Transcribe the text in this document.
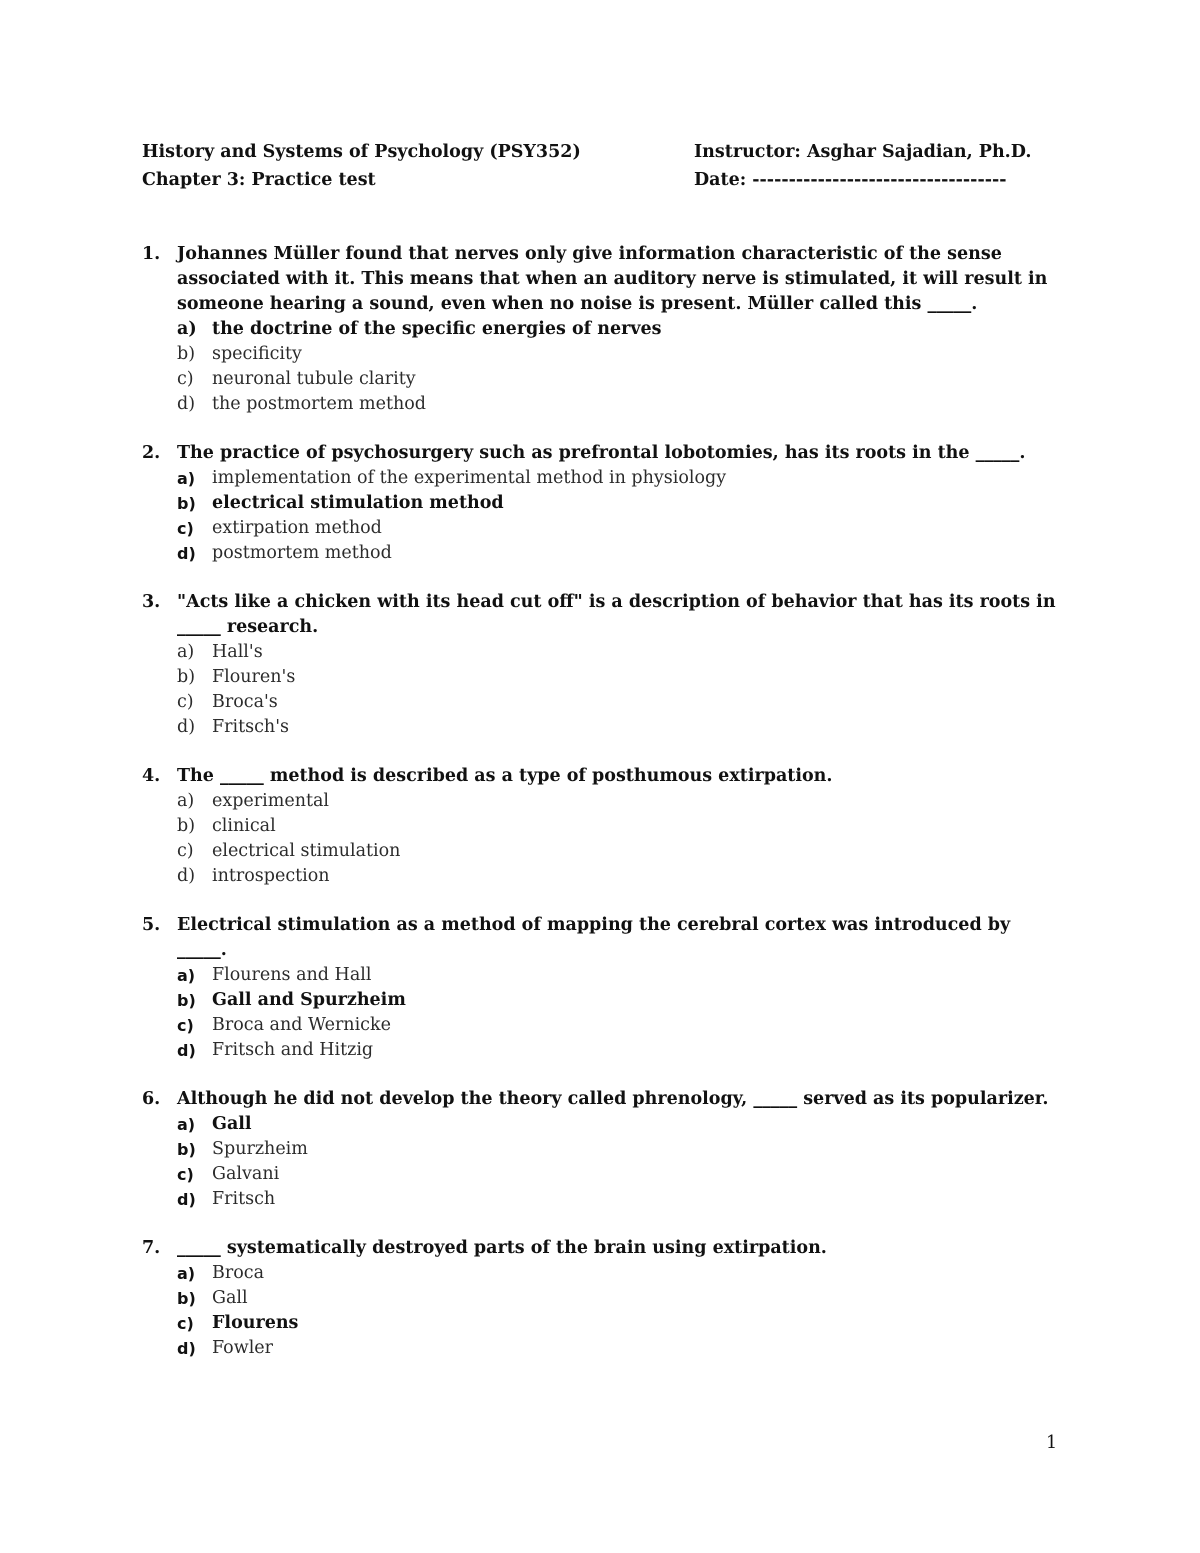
History and Systems of Psychology (PSY352)	Instructor: Asghar Sajadian, Ph.D.
Chapter 3: Practice test	Date: -----------------------------------
1. Johannes Müller found that nerves only give information characteristic of the sense associated with it. This means that when an auditory nerve is stimulated, it will result in someone hearing a sound, even when no noise is present. Müller called this _____.
a) the doctrine of the specific energies of nerves
b) specificity
c)	neuronal tubule clarity
d) the postmortem method
2. The practice of psychosurgery such as prefrontal lobotomies, has its roots in the _____.
a) implementation of the experimental method in physiology
b) electrical stimulation method
c)	extirpation method
d) postmortem method
3. "Acts like a chicken with its head cut off" is a description of behavior that has its roots in _____ research.
a)	Hall's
b) Flouren's
c)	Broca's
d) Fritsch's
4. The _____ method is described as a type of posthumous extirpation.
a)	experimental
b) clinical
c)	electrical stimulation
d) introspection
5. Electrical stimulation as a method of mapping the cerebral cortex was introduced by _____.
a) Flourens and Hall
b) Gall and Spurzheim
c)	Broca and Wernicke
d) Fritsch and Hitzig
6. Although he did not develop the theory called phrenology, _____ served as its popularizer.
a) Gall
b) Spurzheim
c)	Galvani
d) Fritsch
7. _____ systematically destroyed parts of the brain using extirpation.
a) Broca
b) Gall
c)	Flourens
d) Fowler
1
